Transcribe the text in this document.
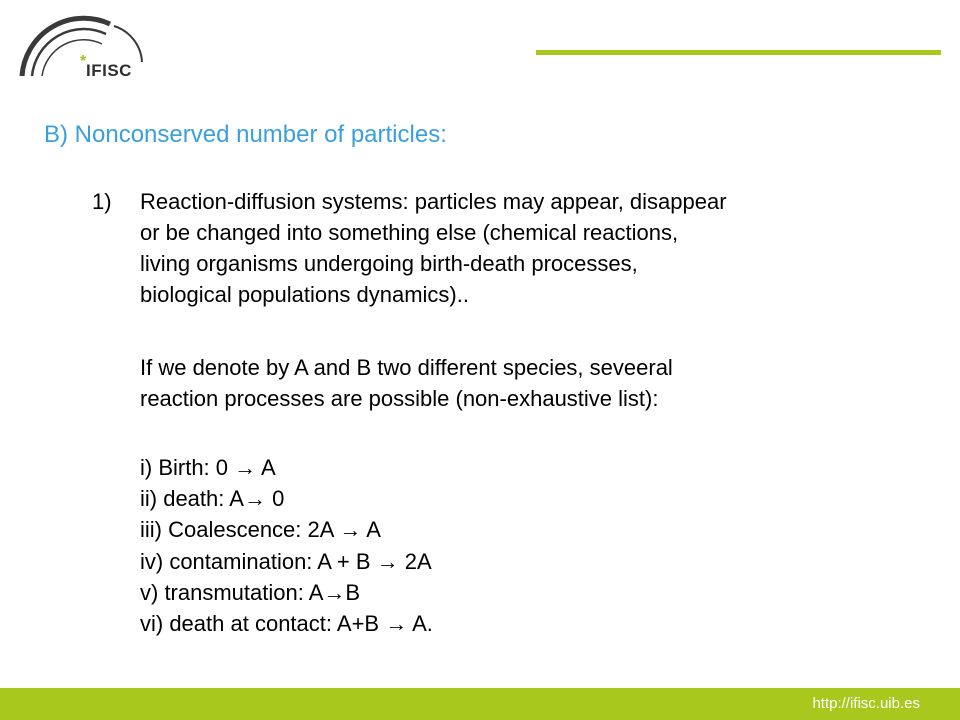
* IFISC
B) Nonconserved number of particles:
1) Reaction-diffusion systems: particles may appear, disappear
or be changed into something else (chemical reactions,
living organisms undergoing birth-death processes,
biological populations dynamics)..
If we denote by A and B two different species, seveeral
reaction processes are possible (non-exhaustive list):
i) Birth: 0 → A
ii) death: A→ 0
iii) Coalescence: 2A → A
iv) contamination: A + B → 2A
v) transmutation: A→B
vi) death at contact: A+B → A.
http://ifisc.uib.es
